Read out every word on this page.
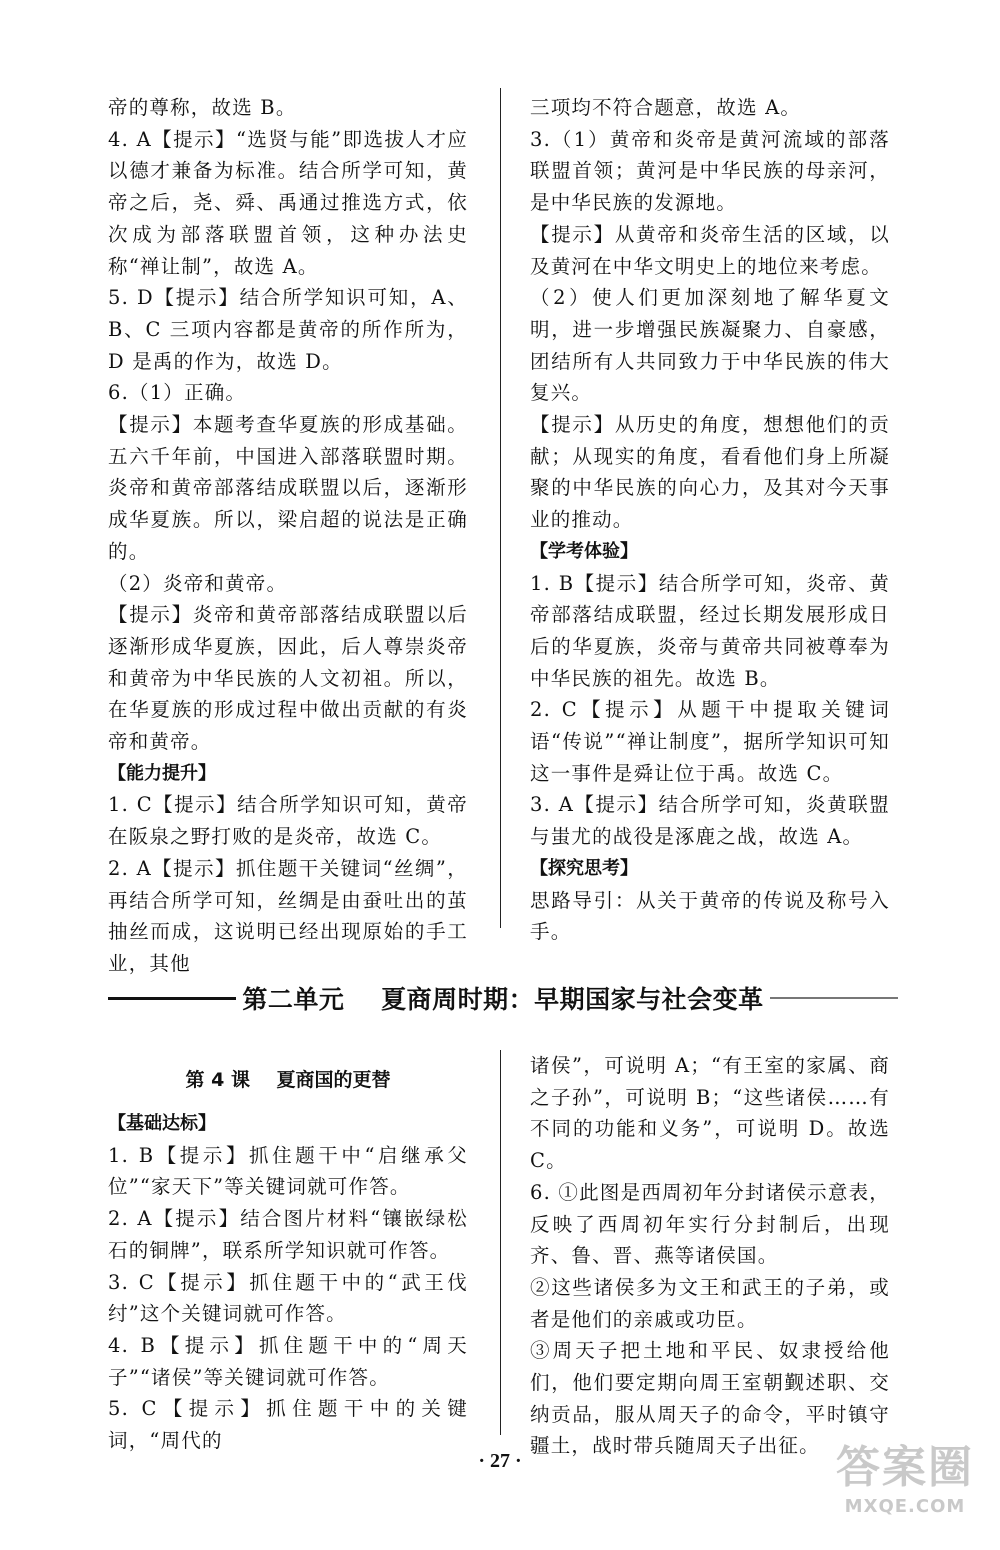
帝的尊称，故选 B。

4. A【提示】“选贤与能”即选拔人才应以德才兼备为标准。结合所学可知，黄帝之后，尧、舜、禹通过推选方式，依次成为部落联盟首领，这种办法史称“禅让制”，故选 A。

5. D【提示】结合所学知识可知，A、B、C 三项内容都是黄帝的所作所为，D 是禹的作为，故选 D。

6.（1）正确。

【提示】本题考查华夏族的形成基础。五六千年前，中国进入部落联盟时期。炎帝和黄帝部落结成联盟以后，逐渐形成华夏族。所以，梁启超的说法是正确的。

（2）炎帝和黄帝。

【提示】炎帝和黄帝部落结成联盟以后逐渐形成华夏族，因此，后人尊崇炎帝和黄帝为中华民族的人文初祖。所以，在华夏族的形成过程中做出贡献的有炎帝和黄帝。

【能力提升】

1. C【提示】结合所学知识可知，黄帝在阪泉之野打败的是炎帝，故选 C。

2. A【提示】抓住题干关键词“丝绸”，再结合所学可知，丝绸是由蚕吐出的茧抽丝而成，这说明已经出现原始的手工业，其他

三项均不符合题意，故选 A。

3.（1）黄帝和炎帝是黄河流域的部落联盟首领；黄河是中华民族的母亲河，是中华民族的发源地。

【提示】从黄帝和炎帝生活的区域，以及黄河在中华文明史上的地位来考虑。

（2）使人们更加深刻地了解华夏文明，进一步增强民族凝聚力、自豪感，团结所有人共同致力于中华民族的伟大复兴。

【提示】从历史的角度，想想他们的贡献；从现实的角度，看看他们身上所凝聚的中华民族的向心力，及其对今天事业的推动。

【学考体验】

1. B【提示】结合所学可知，炎帝、黄帝部落结成联盟，经过长期发展形成日后的华夏族，炎帝与黄帝共同被尊奉为中华民族的祖先。故选 B。

2. C【提示】从题干中提取关键词语“传说”“禅让制度”，据所学知识可知这一事件是舜让位于禹。故选 C。

3. A【提示】结合所学可知，炎黄联盟与蚩尤的战役是涿鹿之战，故选 A。

【探究思考】

思路导引：从关于黄帝的传说及称号入手。

第二单元    夏商周时期：早期国家与社会变革

第 4 课    夏商国的更替

【基础达标】

1. B【提示】抓住题干中“启继承父位”“家天下”等关键词就可作答。

2. A【提示】结合图片材料“镶嵌绿松石的铜牌”，联系所学知识就可作答。

3. C【提示】抓住题干中的“武王伐纣”这个关键词就可作答。

4. B【提示】抓住题干中的“周天子”“诸侯”等关键词就可作答。

5. C【提示】抓住题干中的关键词，“周代的

诸侯”，可说明 A；“有王室的家属、商之子孙”，可说明 B；“这些诸侯……有不同的功能和义务”，可说明 D。故选 C。

6. ①此图是西周初年分封诸侯示意表，反映了西周初年实行分封制后，出现齐、鲁、晋、燕等诸侯国。

②这些诸侯多为文王和武王的子弟，或者是他们的亲戚或功臣。

③周天子把土地和平民、奴隶授给他们，他们要定期向周王室朝觐述职、交纳贡品，服从周天子的命令，平时镇守疆土，战时带兵随周天子出征。

· 27 ·	答案圈
MXQE.COM
